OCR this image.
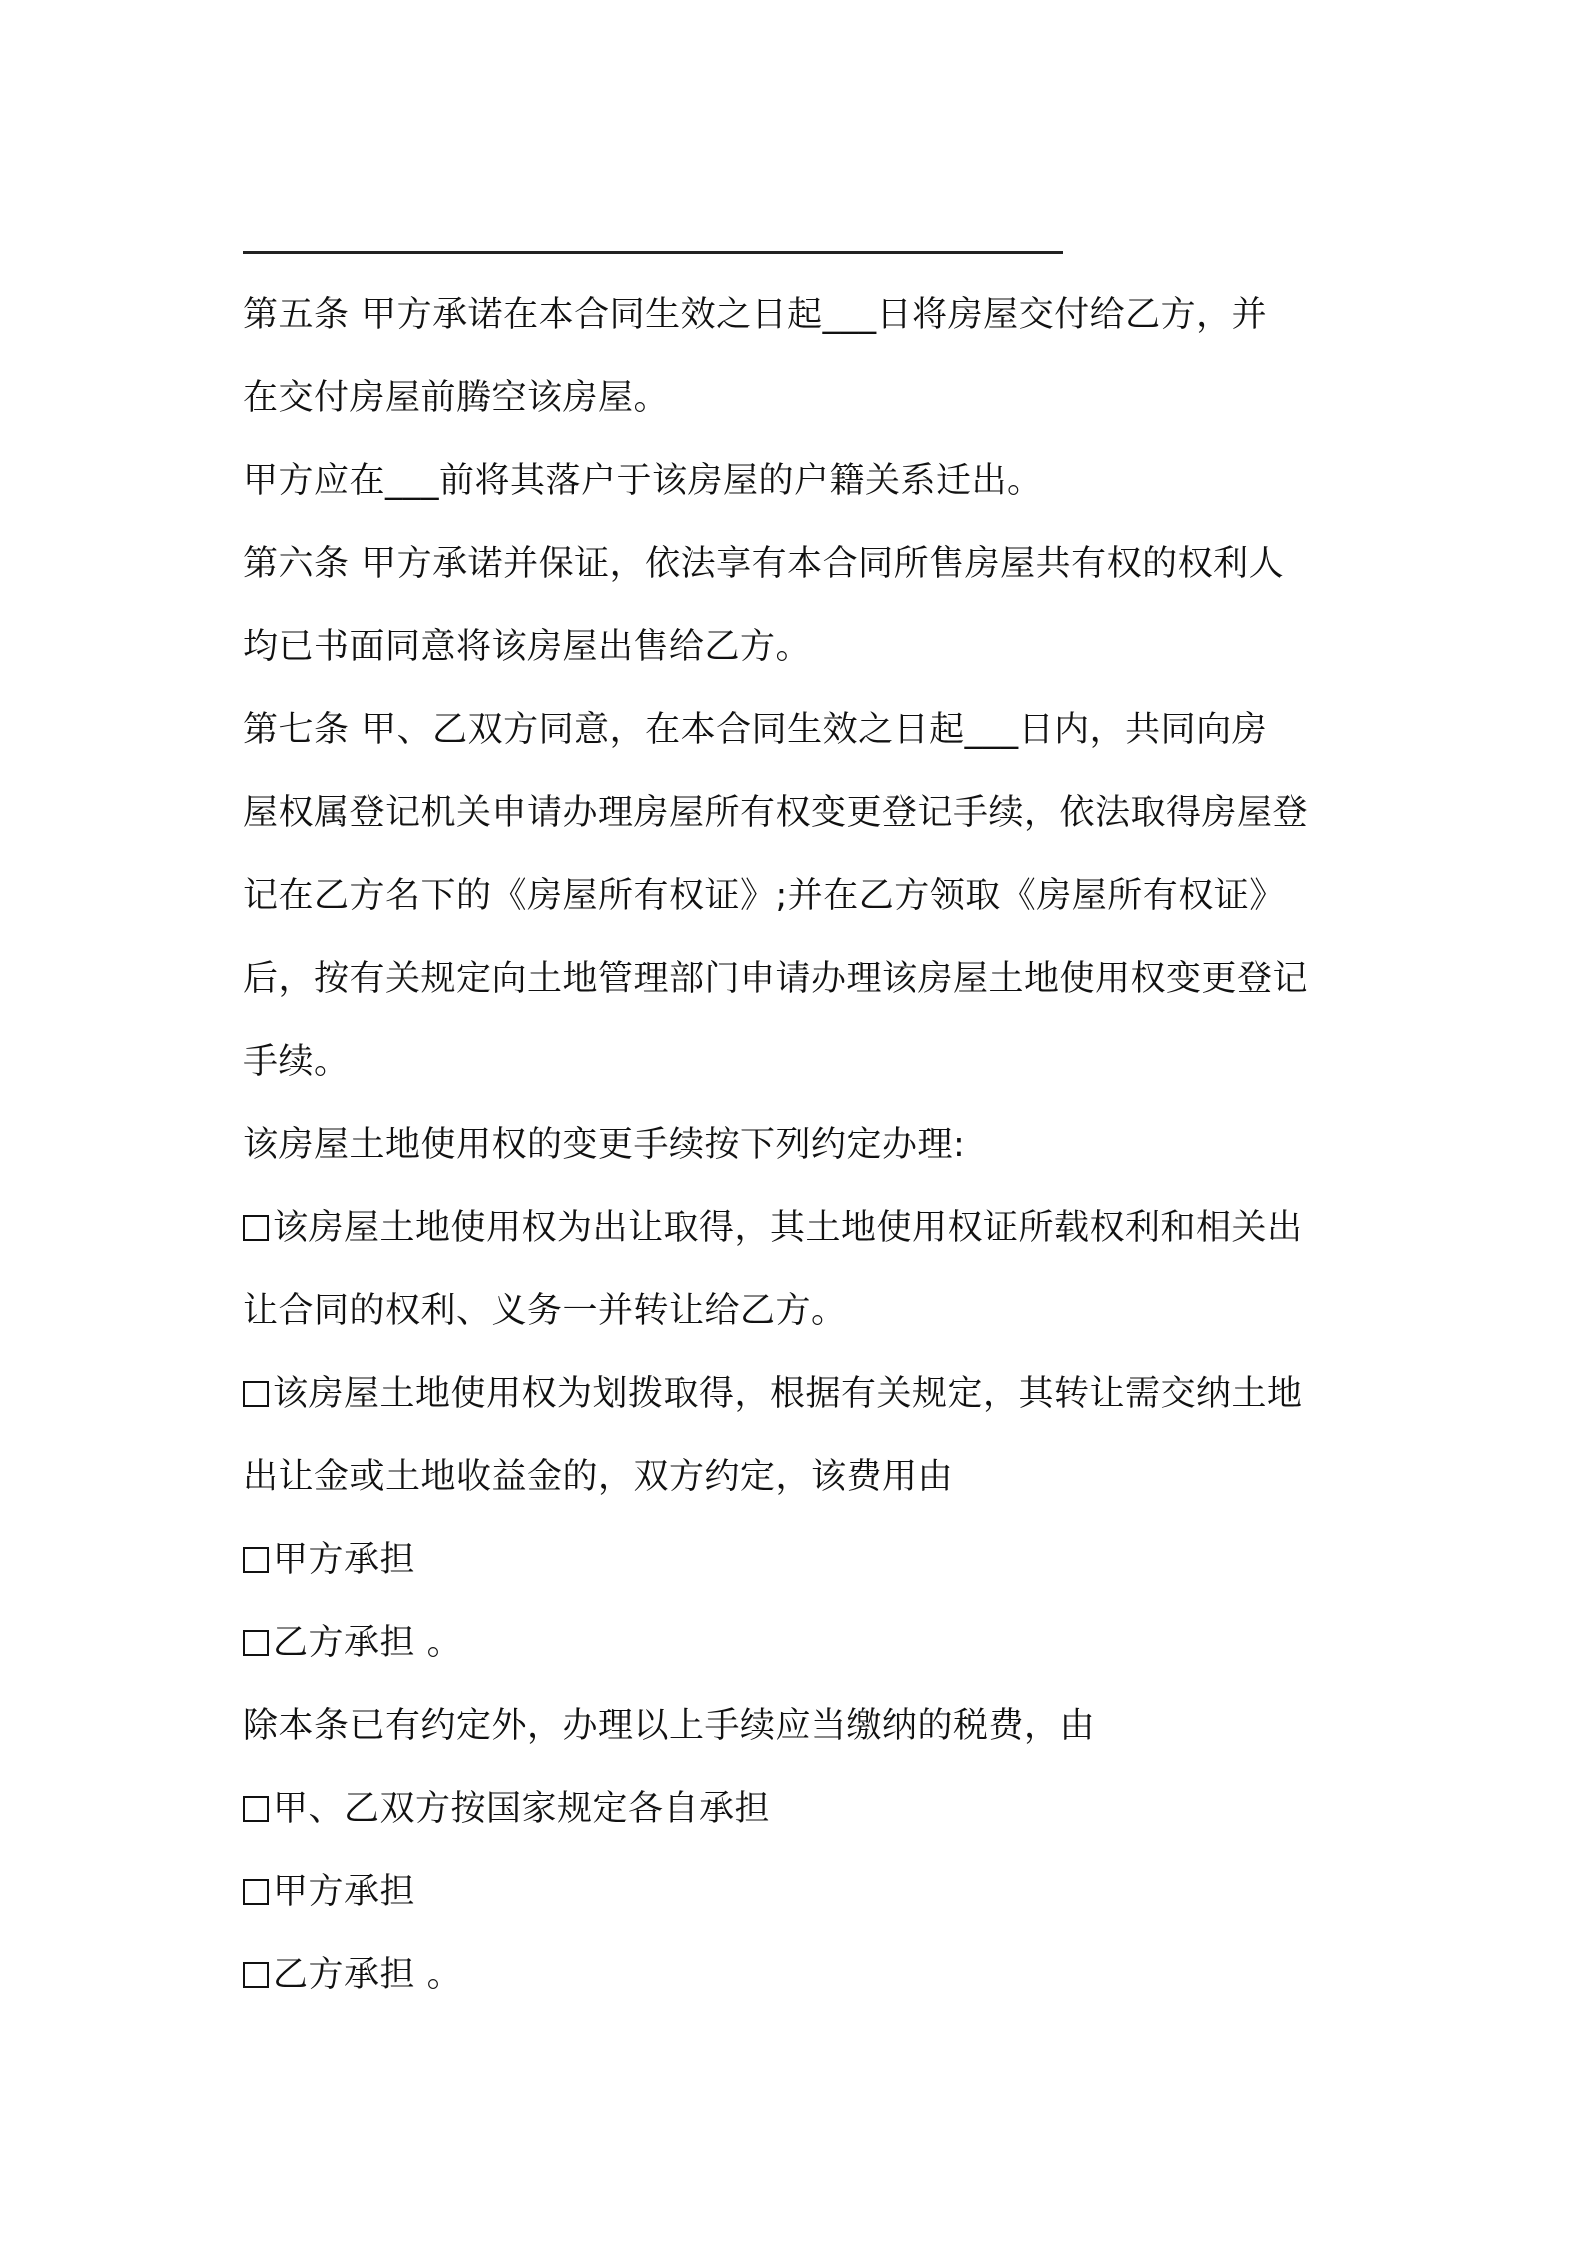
第五条 甲方承诺在本合同生效之日起___日将房屋交付给乙方，并
在交付房屋前腾空该房屋。
甲方应在___前将其落户于该房屋的户籍关系迁出。
第六条 甲方承诺并保证，依法享有本合同所售房屋共有权的权利人
均已书面同意将该房屋出售给乙方。
第七条 甲、乙双方同意，在本合同生效之日起___日内，共同向房
屋权属登记机关申请办理房屋所有权变更登记手续，依法取得房屋登
记在乙方名下的《房屋所有权证》;并在乙方领取《房屋所有权证》
后，按有关规定向土地管理部门申请办理该房屋土地使用权变更登记
手续。
该房屋土地使用权的变更手续按下列约定办理:
该房屋土地使用权为出让取得，其土地使用权证所载权利和相关出
让合同的权利、义务一并转让给乙方。
该房屋土地使用权为划拨取得，根据有关规定，其转让需交纳土地
出让金或土地收益金的，双方约定，该费用由
甲方承担
乙方承担 。
除本条已有约定外，办理以上手续应当缴纳的税费，由
甲、乙双方按国家规定各自承担
甲方承担
乙方承担 。
